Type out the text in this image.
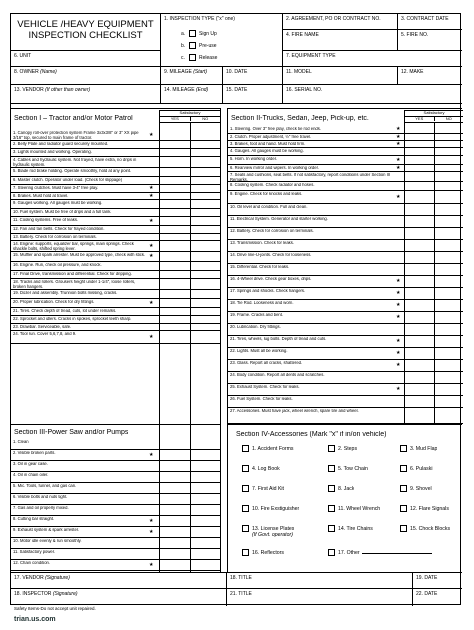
VEHICLE /HEAVY EQUIPMENT
INSPECTION CHECKLIST
1. INSPECTION TYPE ("x" one)
a.	Sign Up
b.	Pre-use
c.	Release
2. AGREEMENT, PO OR CONTRACT NO.	3. CONTRACT DATE
4. FIRE NAME	5. FIRE NO.
6. UNIT	7. EQUIPMENT TYPE
8. OWNER (Name)	9. MILEAGE (Start)	10. DATE	11. MODEL	12. MAKE
13. VENDOR (If other than owner)	14. MILEAGE (End)	15. DATE	16. SERIAL NO.
Section I – Tractor and/or Motor Patrol
Satisfactory
YES	NO
1. Canopy roll-over protection system Frame 3x3x3/8" or 3" XX pipe 3/16" top, secured to main frame of tractor.	★
2. Belly Plate and radiator guard securely mounted.
3. Lights mounted and working. Operating.
4. Cables and hydraulic system. Not frayed, have extra, no drips in hydraulic system.
5. Blade rod brake holding. Operate smoothly, hold at any point.
6. Master clutch. Operator under load. (Check for slippage)
7. Steering clutches. Must have 3-4" free play.	★
8. Brakes. Must hold at travel.	★
9. Gauges working. All gauges must be working.
10. Fuel system. Must be free of drips and a full tank.
11. Cooling systems. Free of leaks.	★
12. Fan and fan belts. Check for frayed condition.
13. Battery. Check for corrosion on terminals.
14. Engine: supports, equalizer bar, springs, main springs. Check shackle bolts, shifted spring lever.	★
15. Muffler and spark arrester. Must be approved type, check with stick. ★
16. Engine. Run, check oil pressure, and knock.
17. Final Drive, transmission and differential. Check for dripping.
18. Tracks and rollers. Grousers height under 1-1/4", loose rollers, broken hangers.
19. Dozer and assembly. Trunnion bolts missing, cracks.
20. Proper lubrication. Check for dry fittings.	★
21. Tires. Check depth of tread, cuts, lot under remarks.
22. Sprocket and idlers. Cracks in spokes, sprocket teeth sharp.
23. Drawbar. Serviceable, safe.
24. Tool run. Cover 5,6,7,8, and 9.	★
Section II-Trucks, Sedan, Jeep, Pick-up, etc.
Satisfactory
YES	NO
1. Steering. Over 3" free play, check tie rod ends.	★
2. Clutch. Proper adjustment, ½" free travel.	★
3. Brakes, foot and hand. Must hold firm.	★
4. Gauges. All gauges must be working.
5. Horn. In working order.	★
6. Rearview mirror and wipers. In working order.	★
7. Seats and cushions, seat belts. If not satisfactory, report conditions under Section III Remarks.
8. Cooling system. Check radiator and hoses.
9. Engine. Check for knocks and leaks.	★
10. Oil level and condition. Full and clean.
11. Electrical System. Generator and starter working.
12. Battery. Check for corrosion on terminals.
13. Transmission. Check for leaks.
14. Drive line-U-joints. Check for looseness.
15. Differential. Check for leaks.
16. 4-Wheel drive. Check gear boxes, drips.	★
17. Springs and shocks. Check hangers.	★
18. Tie Rod. Looseness and worn.	★
19. Frame. Cracks and bent.	★
20. Lubrication. Dry fittings.
21. Tires, wheels, lug bolts. Depth of tread and cuts.	★
22. Lights. Must all be working.	★
23. Glass. Report all cracks, shattered.	★
24. Body condition. Report all dents and scratches.
25. Exhaust System. Check for leaks.	★
26. Fuel System. Check for leaks.
27. Accessories. Must have jack, wheel wrench, spare tire and wheel.
Section III-Power Saw and/or Pumps
1. Clean
2. Visible broken parts.	★
3. Oil in gear case.
4. Oil in chain oiler.
5. Mic. Tools, funnel, and gas can.
6. Visible bolts and nuts tight.
7. Gas and oil properly mixed.
8. Cutting bar straight.	★
9. Exhaust system & spark arrester.	★
10. Motor idle evenly & run smoothly.
11. Satisfactory power.
12. Chain condition.	★
Section IV-Accessories (Mark "x" if in/on vehicle)
1. Accident Forms	2. Steps	3. Mud Flap
4. Log Book	5. Tow Chain	6. Pulaski
7. First Aid Kit	8. Jack	9. Shovel
10. Fire Exstiguisher	11. Wheel Wrench	12. Flare Signals
13. License Plates
(If Govt. operator)
14. Tire Chains	15. Chock Blocks
16. Reflectors	17. Other
17. VENDOR (Signature)	18. TITLE	19. DATE
18. INSPECTOR (Signature)	21. TITLE	22. DATE
Safety Items-Do not accept unit repaired.
trian.us.com
